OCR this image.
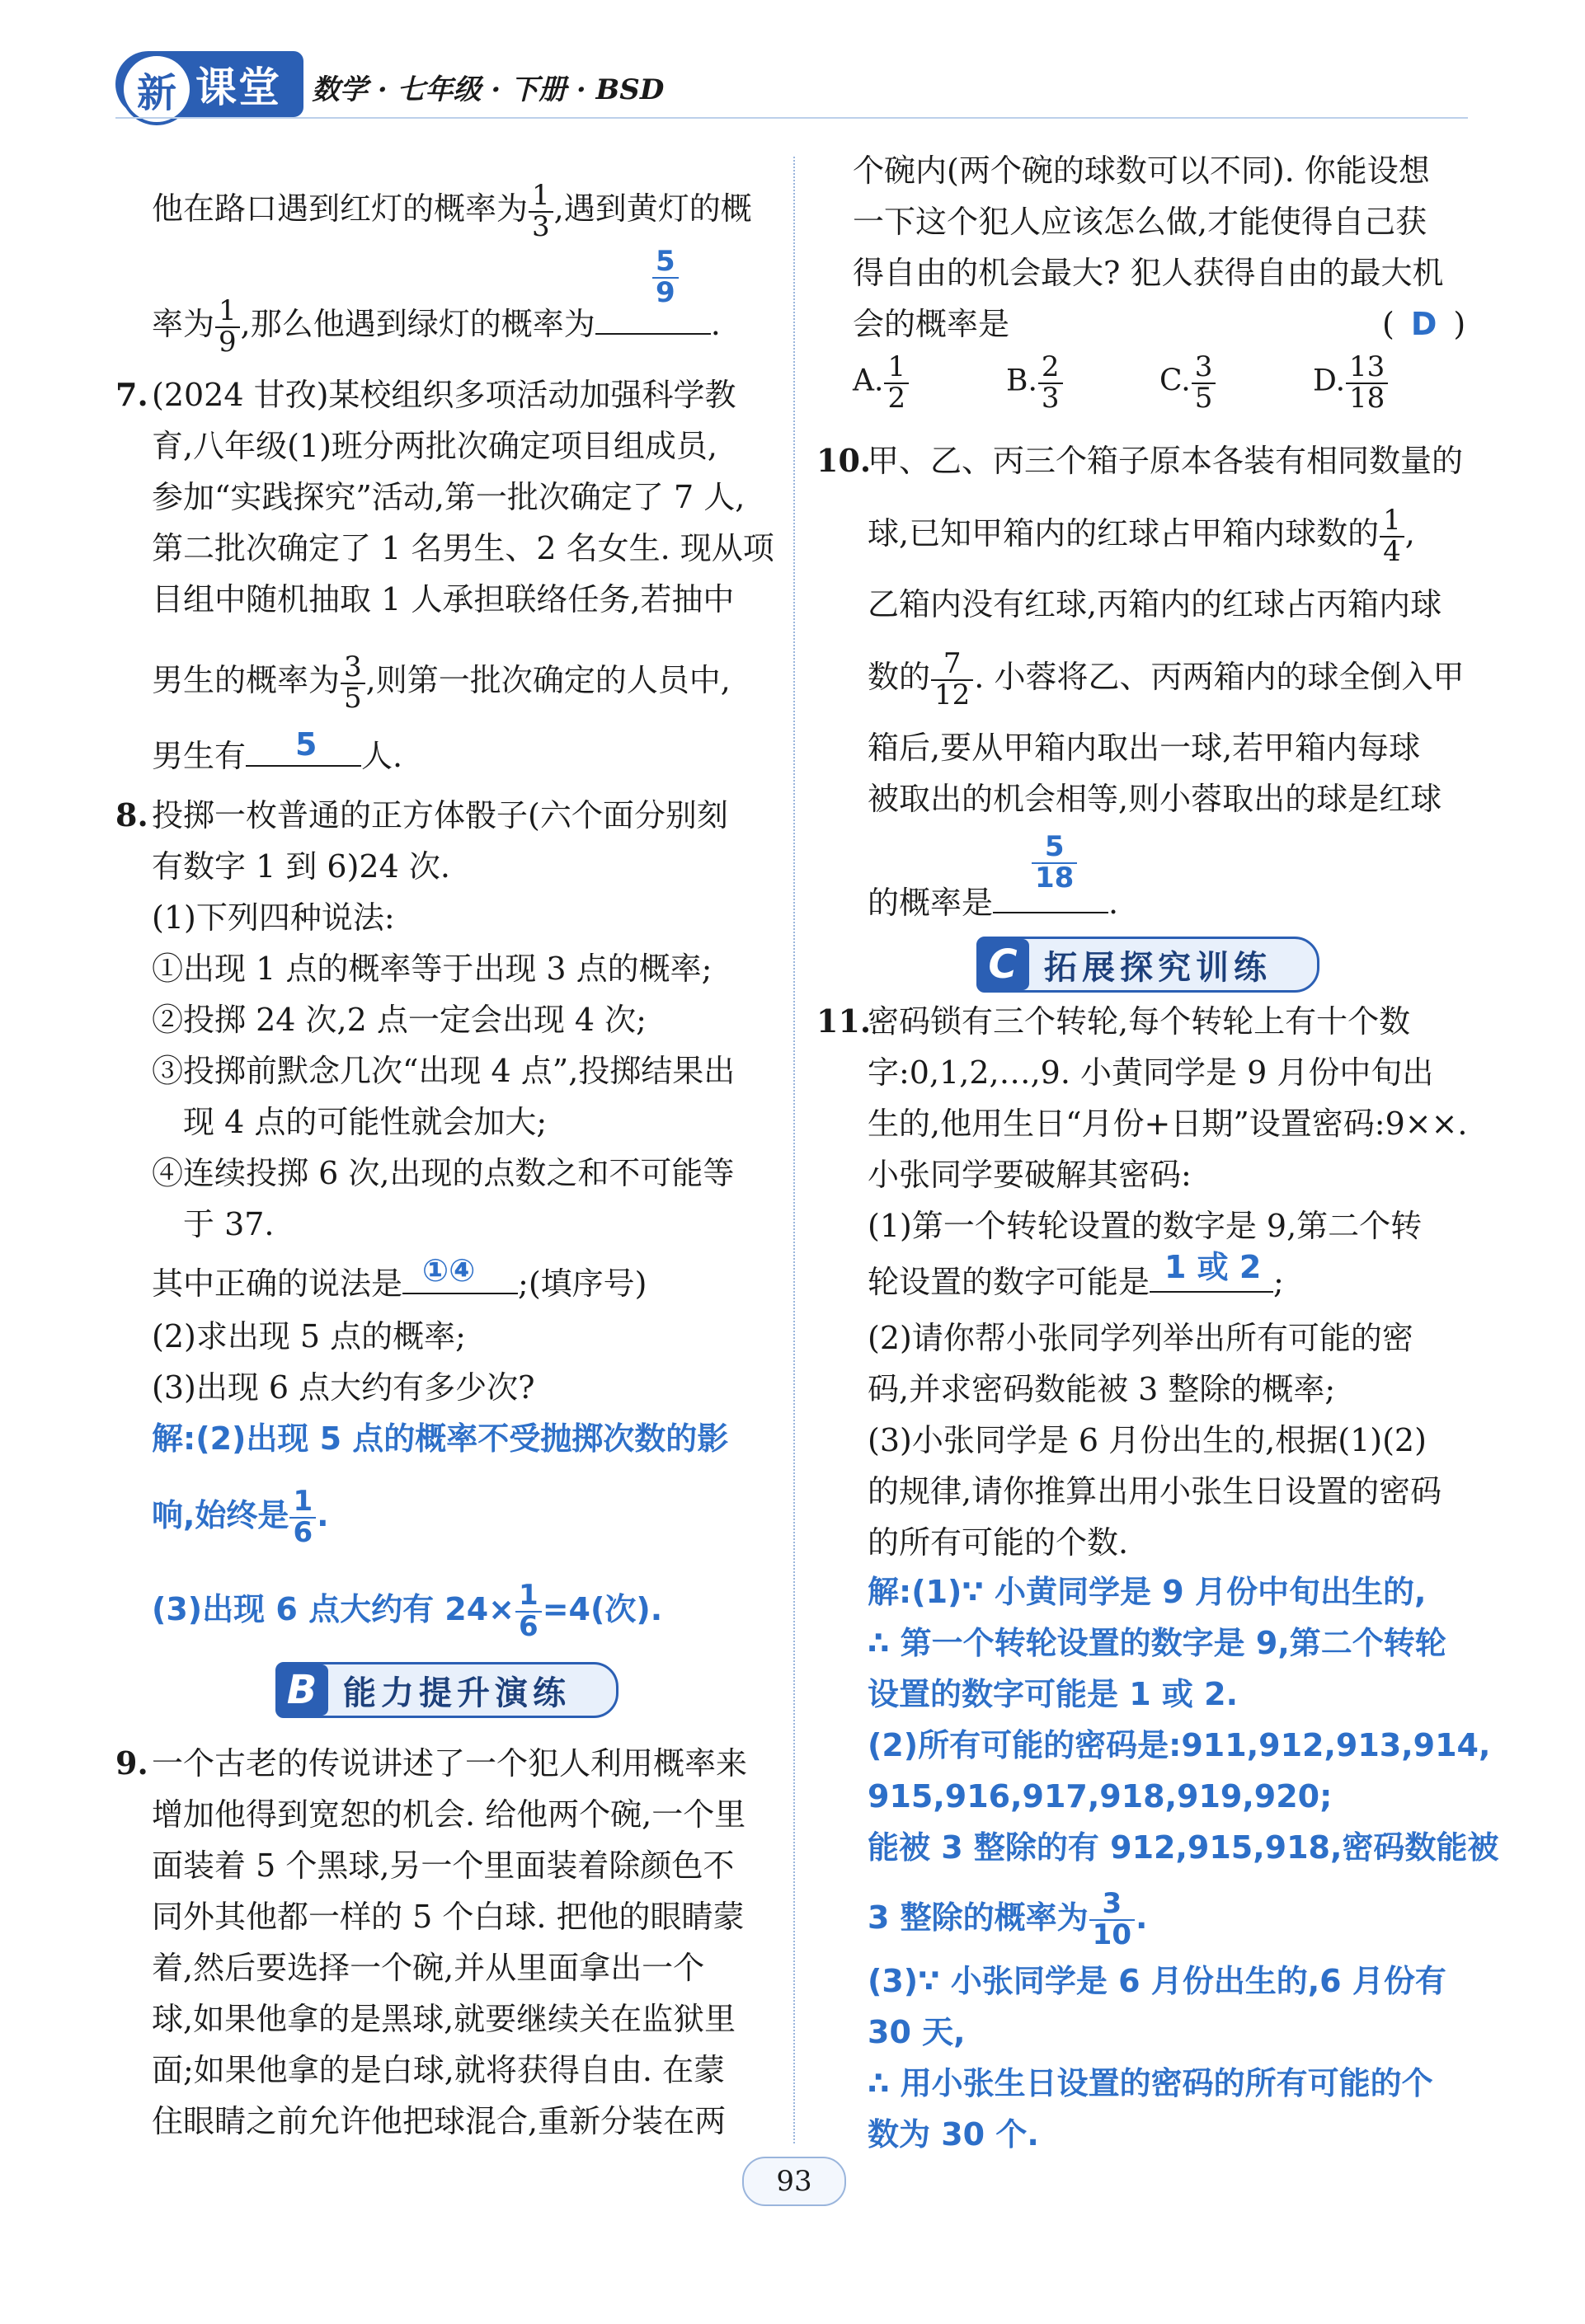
课堂
新	数学 · 七年级 · 下册 · BSD
他在路口遇到红灯的概率为 $\frac{1}{3}$ ,遇到黄灯的概
率为 $\frac{1}{9}$ ,那么他遇到绿灯的概率为	.
$\frac{5}{9}$
7. (2024 甘孜)某校组织多项活动加强科学教
育,八年级(1)班分两批次确定项目组成员,
参加“实践探究”活动,第一批次确定了 7 人,
第二批次确定了 1 名男生、2 名女生. 现从项
目组中随机抽取 1 人承担联络任务,若抽中
男生的概率为 $\frac{3}{5}$ ,则第一批次确定的人员中,
男生有 5 人.
8. 投掷一枚普通的正方体骰子(六个面分别刻
有数字 1 到 6)24 次.
(1)下列四种说法:
①出现 1 点的概率等于出现 3 点的概率;
②投掷 24 次,2 点一定会出现 4 次;
③投掷前默念几次“出现 4 点”,投掷结果出
现 4 点的可能性就会加大;
④连续投掷 6 次,出现的点数之和不可能等
于 37.
其中正确的说法是 ①④ ;(填序号)
(2)求出现 5 点的概率;
(3)出现 6 点大约有多少次?
解:(2)出现 5 点的概率不受抛掷次数的影
响,始终是 $\frac{1}{6}$ .
(3)出现 6 点大约有 $24\times \frac{1}{6} =4$(次).
B 能力提升演练
9. 一个古老的传说讲述了一个犯人利用概率来
增加他得到宽恕的机会. 给他两个碗,一个里
面装着 5 个黑球,另一个里面装着除颜色不
同外其他都一样的 5 个白球. 把他的眼睛蒙
着,然后要选择一个碗,并从里面拿出一个
球,如果他拿的是黑球,就要继续关在监狱里
面;如果他拿的是白球,就将获得自由. 在蒙
住眼睛之前允许他把球混合,重新分装在两
个碗内(两个碗的球数可以不同). 你能设想
一下这个犯人应该怎么做,才能使得自己获
得自由的机会最大? 犯人获得自由的最大机
会的概率是	( D )
A. $\frac{1}{2}$	B. $\frac{2}{3}$	C. $\frac{3}{5}$	D. $\frac{13}{18}$
10.
甲、乙、丙三个箱子原本各装有相同数量的
球,已知甲箱内的红球占甲箱内球数的 $\frac{1}{4}$ ,
乙箱内没有红球,丙箱内的红球占丙箱内球
数的 $\frac{7}{12}$ . 小蓉将乙、丙两箱内的球全倒入甲
箱后,要从甲箱内取出一球,若甲箱内每球
被取出的机会相等,则小蓉取出的球是红球
的概率是	.
$\frac{5}{18}$
C 拓展探究训练
11.
密码锁有三个转轮,每个转轮上有十个数
字:0,1,2,…,9. 小黄同学是 9 月份中旬出
生的,他用生日“月份+日期”设置密码:9××.
小张同学要破解其密码:
(1)第一个转轮设置的数字是 9,第二个转
轮设置的数字可能是 1 或 2 ;
(2)请你帮小张同学列举出所有可能的密
码,并求密码数能被 3 整除的概率;
(3)小张同学是 6 月份出生的,根据(1)(2)
的规律,请你推算出用小张生日设置的密码
的所有可能的个数.
解:(1)∵ 小黄同学是 9 月份中旬出生的,
∴ 第一个转轮设置的数字是 9,第二个转轮
设置的数字可能是 1 或 2.
(2)所有可能的密码是:911,912,913,914,
915,916,917,918,919,920;
能被 3 整除的有 912,915,918,密码数能被
3 整除的概率为 $\frac{3}{10}$ .
(3)∵ 小张同学是 6 月份出生的,6 月份有
30 天,
∴ 用小张生日设置的密码的所有可能的个
数为 30 个.
93
